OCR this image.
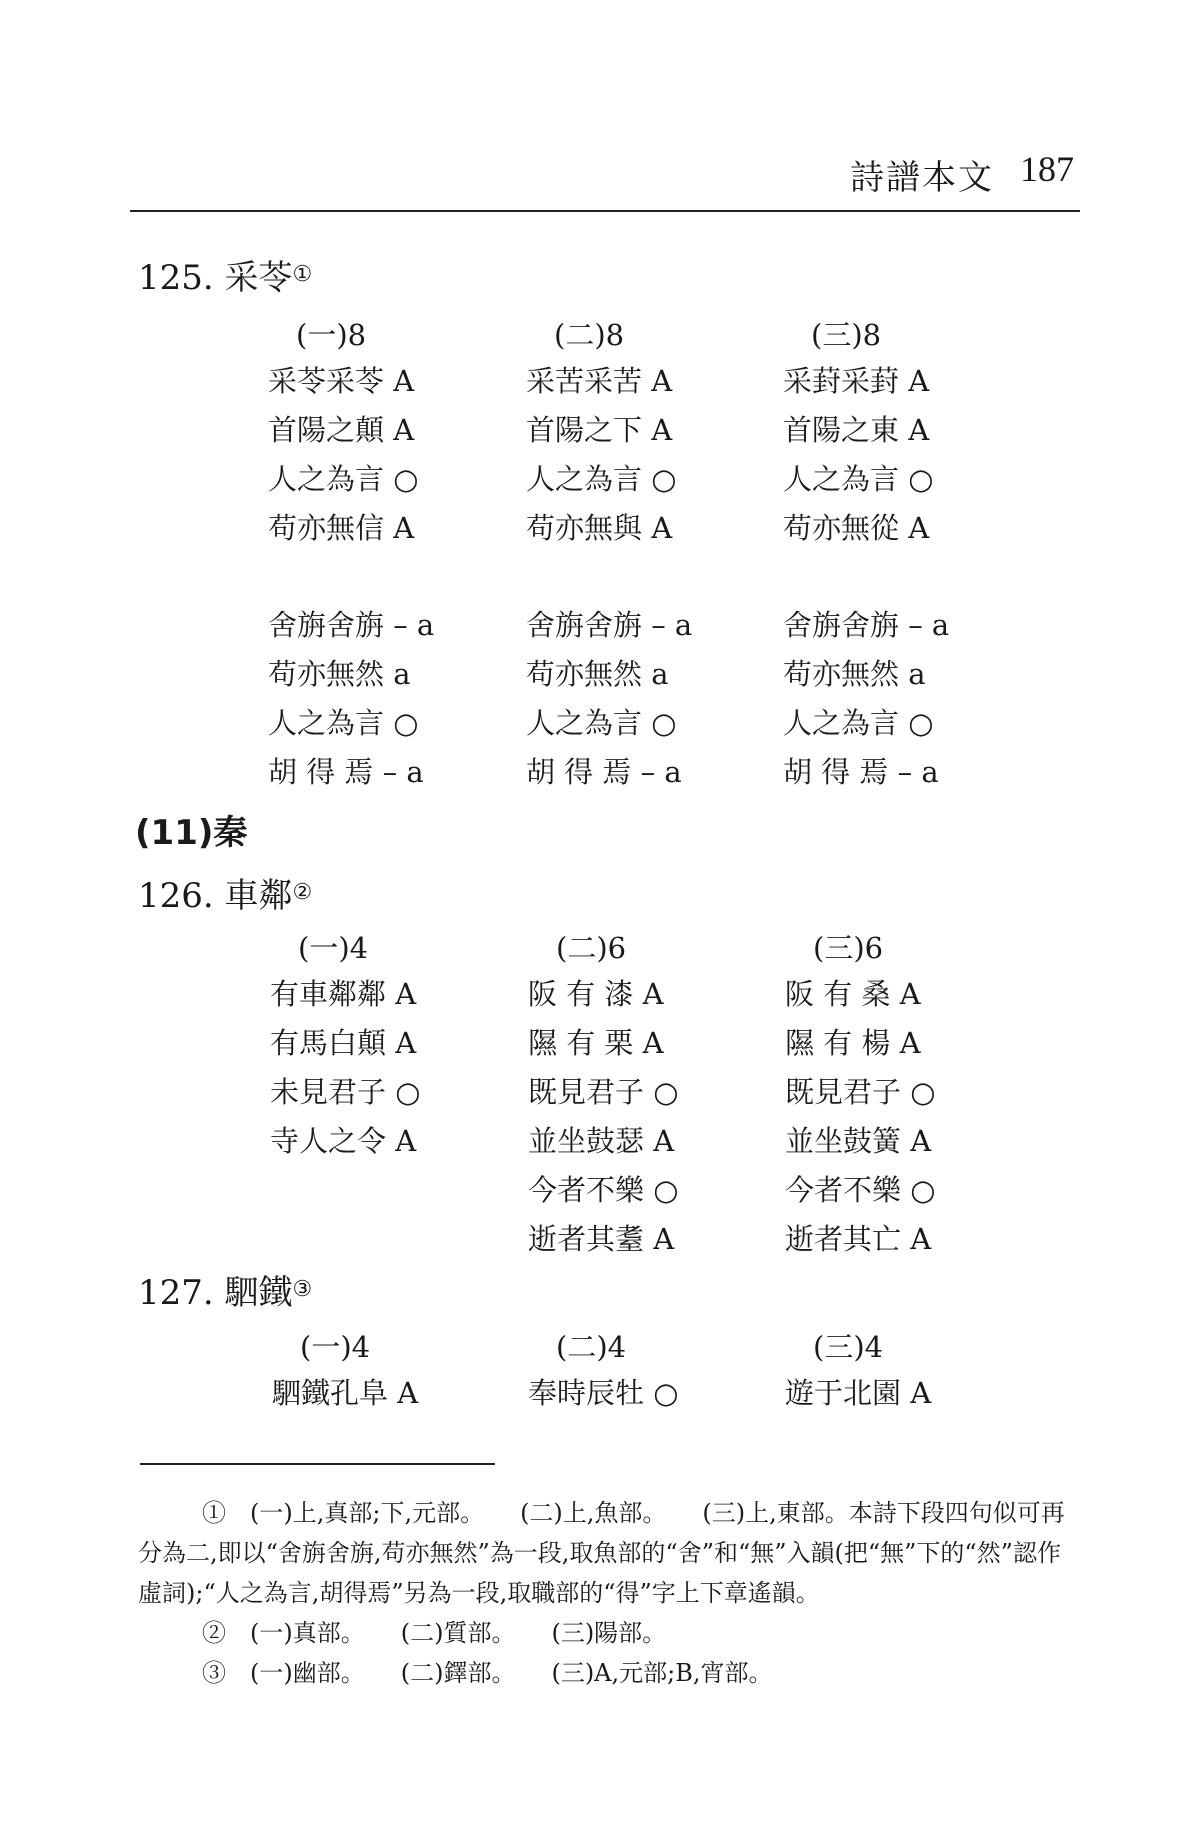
詩譜本文 187
125. 采苓①
(一)8
采苓采苓 A
首陽之顛 A
人之為言 ○
苟亦無信 A
舍旃舍旃 – a
苟亦無然 a
人之為言 ○
胡 得 焉 – a
(二)8
采苦采苦 A
首陽之下 A
人之為言 ○
苟亦無與 A
舍旃舍旃 – a
苟亦無然 a
人之為言 ○
胡 得 焉 – a
(三)8
采葑采葑 A
首陽之東 A
人之為言 ○
苟亦無從 A
舍旃舍旃 – a
苟亦無然 a
人之為言 ○
胡 得 焉 – a
(11)秦
126. 車鄰②
(一)4
有車鄰鄰 A
有馬白顛 A
未見君子 ○
寺人之令 A
(二)6
阪 有 漆 A
隰 有 栗 A
既見君子 ○
並坐鼓瑟 A
今者不樂 ○
逝者其耋 A
(三)6
阪 有 桑 A
隰 有 楊 A
既見君子 ○
並坐鼓簧 A
今者不樂 ○
逝者其亡 A
127. 駟鐵③
(一)4
駟鐵孔阜 A
(二)4
奉時辰牡 ○
(三)4
遊于北園 A

①　(一)上,真部;下,元部。　　(二)上,魚部。　　(三)上,東部。本詩下段四句似可再分為二,即以“舍旃舍旃,苟亦無然”為一段,取魚部的“舍”和“無”入韻(把“無”下的“然”認作虛詞);“人之為言,胡得焉”另為一段,取職部的“得”字上下章遙韻。

②　(一)真部。　　(二)質部。　　(三)陽部。

③　(一)幽部。　　(二)鐸部。　　(三)A,元部;B,宵部。
